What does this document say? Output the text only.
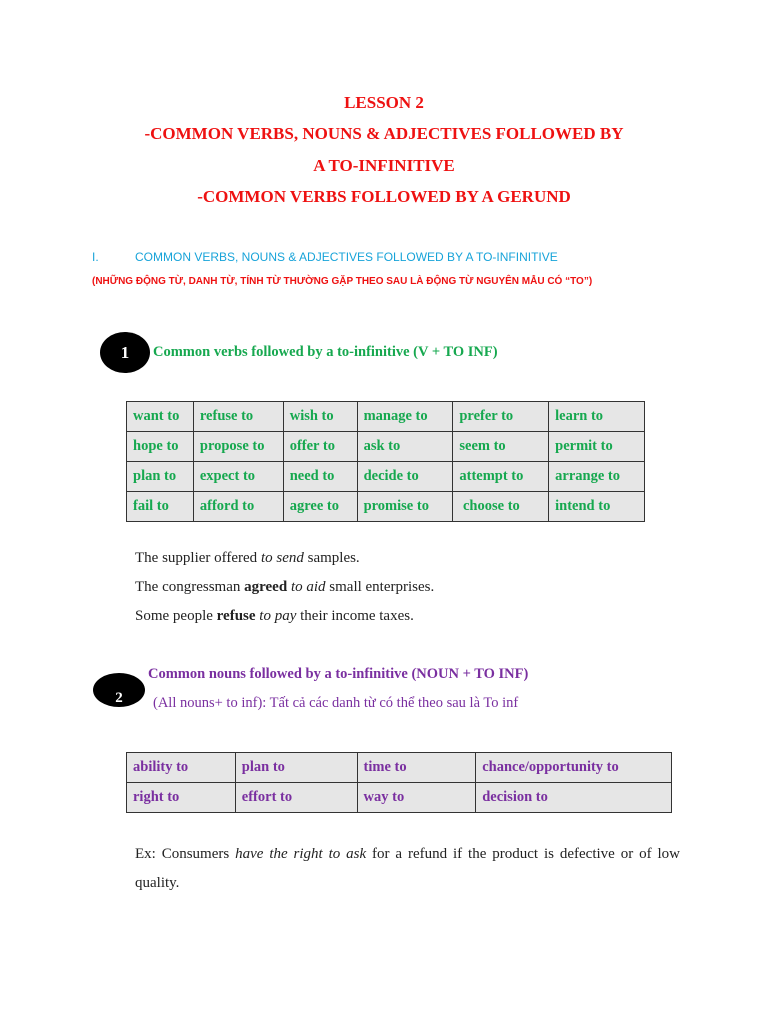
LESSON 2
-COMMON VERBS, NOUNS & ADJECTIVES FOLLOWED BY
A TO-INFINITIVE
-COMMON VERBS FOLLOWED BY A GERUND
I.	COMMON VERBS, NOUNS & ADJECTIVES FOLLOWED BY A TO-INFINITIVE
(NHỮNG ĐỘNG TỪ, DANH TỪ, TÍNH TỪ THƯỜNG GẶP THEO SAU LÀ ĐỘNG TỪ NGUYÊN MẪU CÓ “TO”)
1	Common verbs followed by a to-infinitive (V + TO INF)
want to	refuse to	wish to	manage to	prefer to	learn to
hope to	propose to	offer to	ask to	seem to	permit to
plan to	expect to	need to	decide to	attempt to	arrange to
fail to	afford to	agree to	promise to	choose to	intend to
The supplier offered to send samples.
The congressman agreed to aid small enterprises.
Some people refuse to pay their income taxes.
2
Common nouns followed by a to-infinitive (NOUN + TO INF)
(All nouns+ to inf): Tất cả các danh từ có thể theo sau là To inf
ability to	plan to	time to	chance/opportunity to
right to	effort to	way to	decision to
Ex: Consumers have the right to ask for a refund if the product is defective or of low quality.
